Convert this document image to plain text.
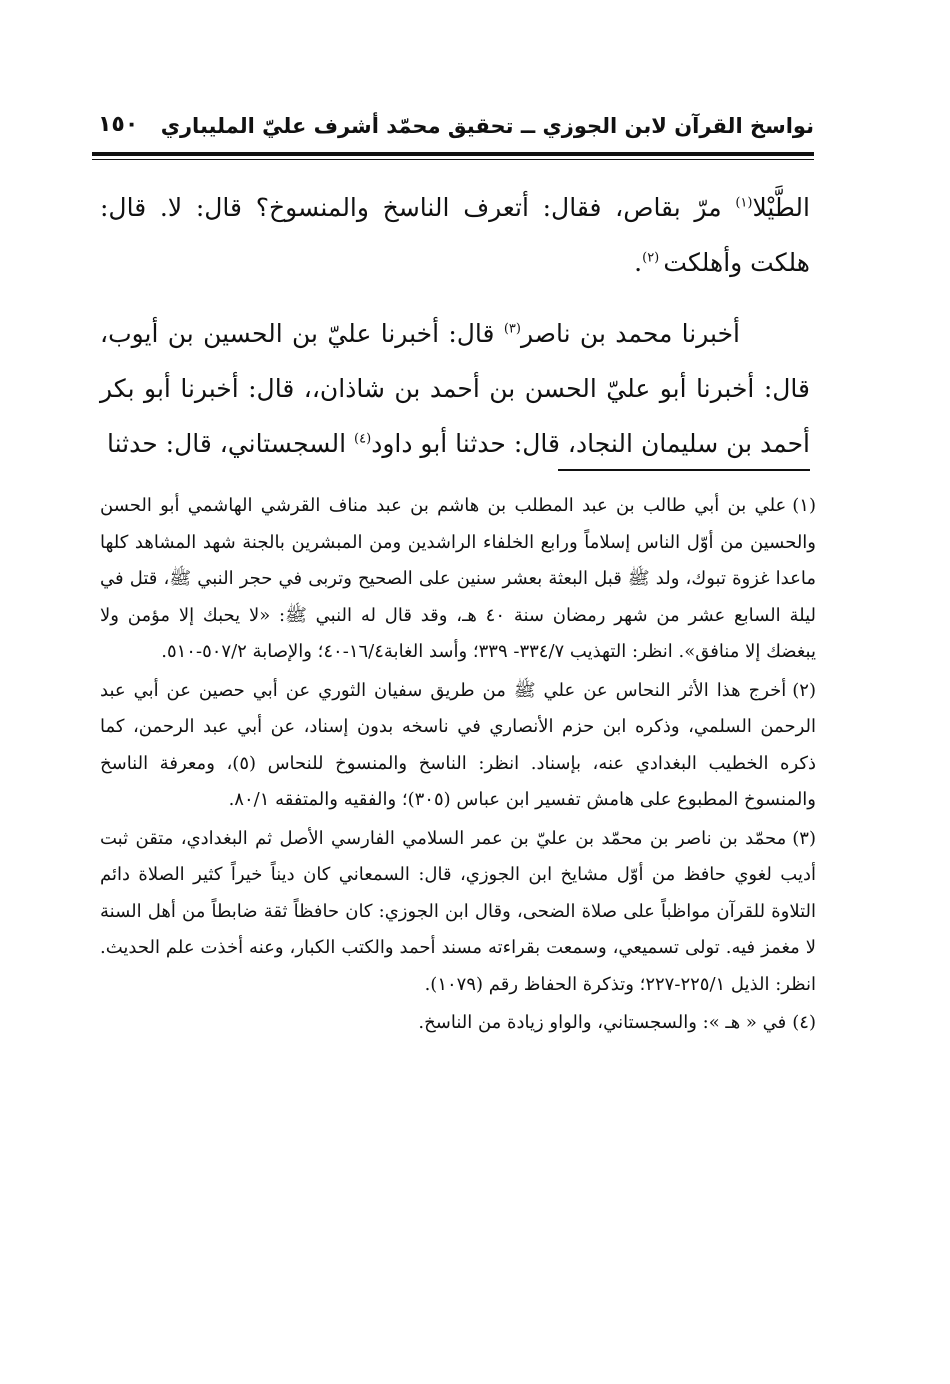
نواسخ القرآن لابن الجوزي ــ تحقيق محمّد أشرف عليّ المليباري
١٥٠

الطَّيْلا$^{(١)}$ مرّ بقاص، فقال: أتعرف الناسخ والمنسوخ؟ قال: لا. قال: هلكت وأهلكت $^{(٢)}$.

أخبرنا محمد بن ناصر$^{(٣)}$ قال: أخبرنا عليّ بن الحسين بن أيوب، قال: أخبرنا أبو عليّ الحسن بن أحمد بن شاذان،، قال: أخبرنا أبو بكر أحمد بن سليمان النجاد، قال: حدثنا أبو داود$^{(٤)}$ السجستاني، قال: حدثنا

(١)علي بن أبي طالب بن عبد المطلب بن هاشم بن عبد مناف القرشي الهاشمي أبو الحسن والحسين من أوّل الناس إسلاماً ورابع الخلفاء الراشدين ومن المبشرين بالجنة شهد المشاهد كلها ماعدا غزوة تبوك، ولد ﷺ قبل البعثة بعشر سنين على الصحيح وتربى في حجر النبي ﷺ، قتل في ليلة السابع عشر من شهر رمضان سنة ٤٠ هـ، وقد قال له النبي ﷺ: «لا يحبك إلا مؤمن ولا يبغضك إلا منافق». انظر: التهذيب ٣٣٤/٧- ٣٣٩؛ وأسد الغابة١٦/٤-٤٠؛ والإصابة ٥٠٧/٢-٥١٠.

(٢)أخرج هذا الأثر النحاس عن علي ﷺ من طريق سفيان الثوري عن أبي حصين عن أبي عبد الرحمن السلمي، وذكره ابن حزم الأنصاري في ناسخه بدون إسناد، عن أبي عبد الرحمن، كما ذكره الخطيب البغدادي عنه، بإسناد. انظر: الناسخ والمنسوخ للنحاس (٥)، ومعرفة الناسخ والمنسوخ المطبوع على هامش تفسير ابن عباس (٣٠٥)؛ والفقيه والمتفقه ٨٠/١.

(٣)محمّد بن ناصر بن محمّد بن عليّ بن عمر السلامي الفارسي الأصل ثم البغدادي، متقن ثبت أديب لغوي حافظ من أوّل مشايخ ابن الجوزي، قال: السمعاني كان ديناً خيراً كثير الصلاة دائم التلاوة للقرآن مواظباً على صلاة الضحى، وقال ابن الجوزي: كان حافظاً ثقة ضابطاً من أهل السنة لا مغمز فيه. تولى تسميعي، وسمعت بقراءته مسند أحمد والكتب الكبار، وعنه أخذت علم الحديث. انظر: الذيل ٢٢٥/١-٢٢٧؛ وتذكرة الحفاظ رقم (١٠٧٩).

(٤)في « هـ »: والسجستاني، والواو زيادة من الناسخ.
